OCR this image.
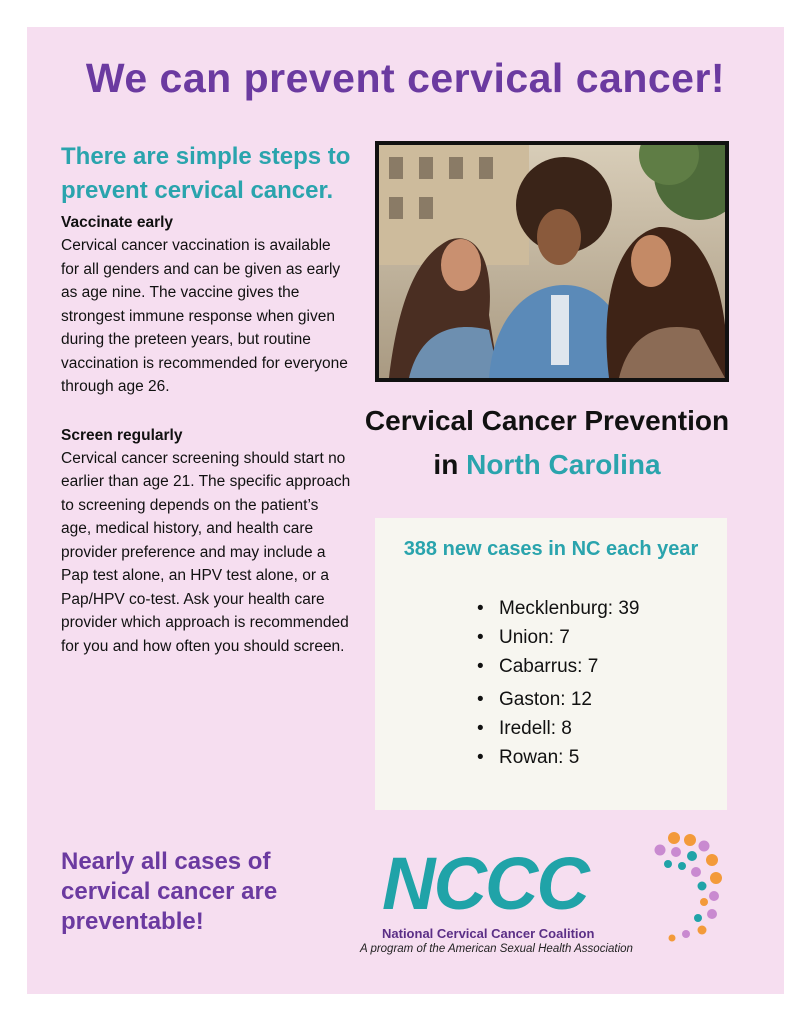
We can prevent cervical cancer!
There are simple steps to prevent cervical cancer.
Vaccinate early

Cervical cancer vaccination is available for all genders and can be given as early as age nine. The vaccine gives the strongest immune response when given during the preteen years, but routine vaccination is recommended for everyone through age 26.

Screen regularly

Cervical cancer screening should start no earlier than age 21. The specific approach to screening depends on the patient’s age, medical history, and health care provider preference and may include a Pap test alone, an HPV test alone, or a Pap/HPV co-test. Ask your health care provider which approach is recommended for you and how often you should screen.

Nearly all cases of cervical cancer are preventable!

Cervical Cancer Prevention
in North Carolina
388 new cases in NC each year
• Mecklenburg: 39
• Union: 7
• Cabarrus: 7
• Gaston: 12
• Iredell: 8
• Rowan: 5

NCCC

National Cervical Cancer Coalition

A program of the American Sexual Health Association
